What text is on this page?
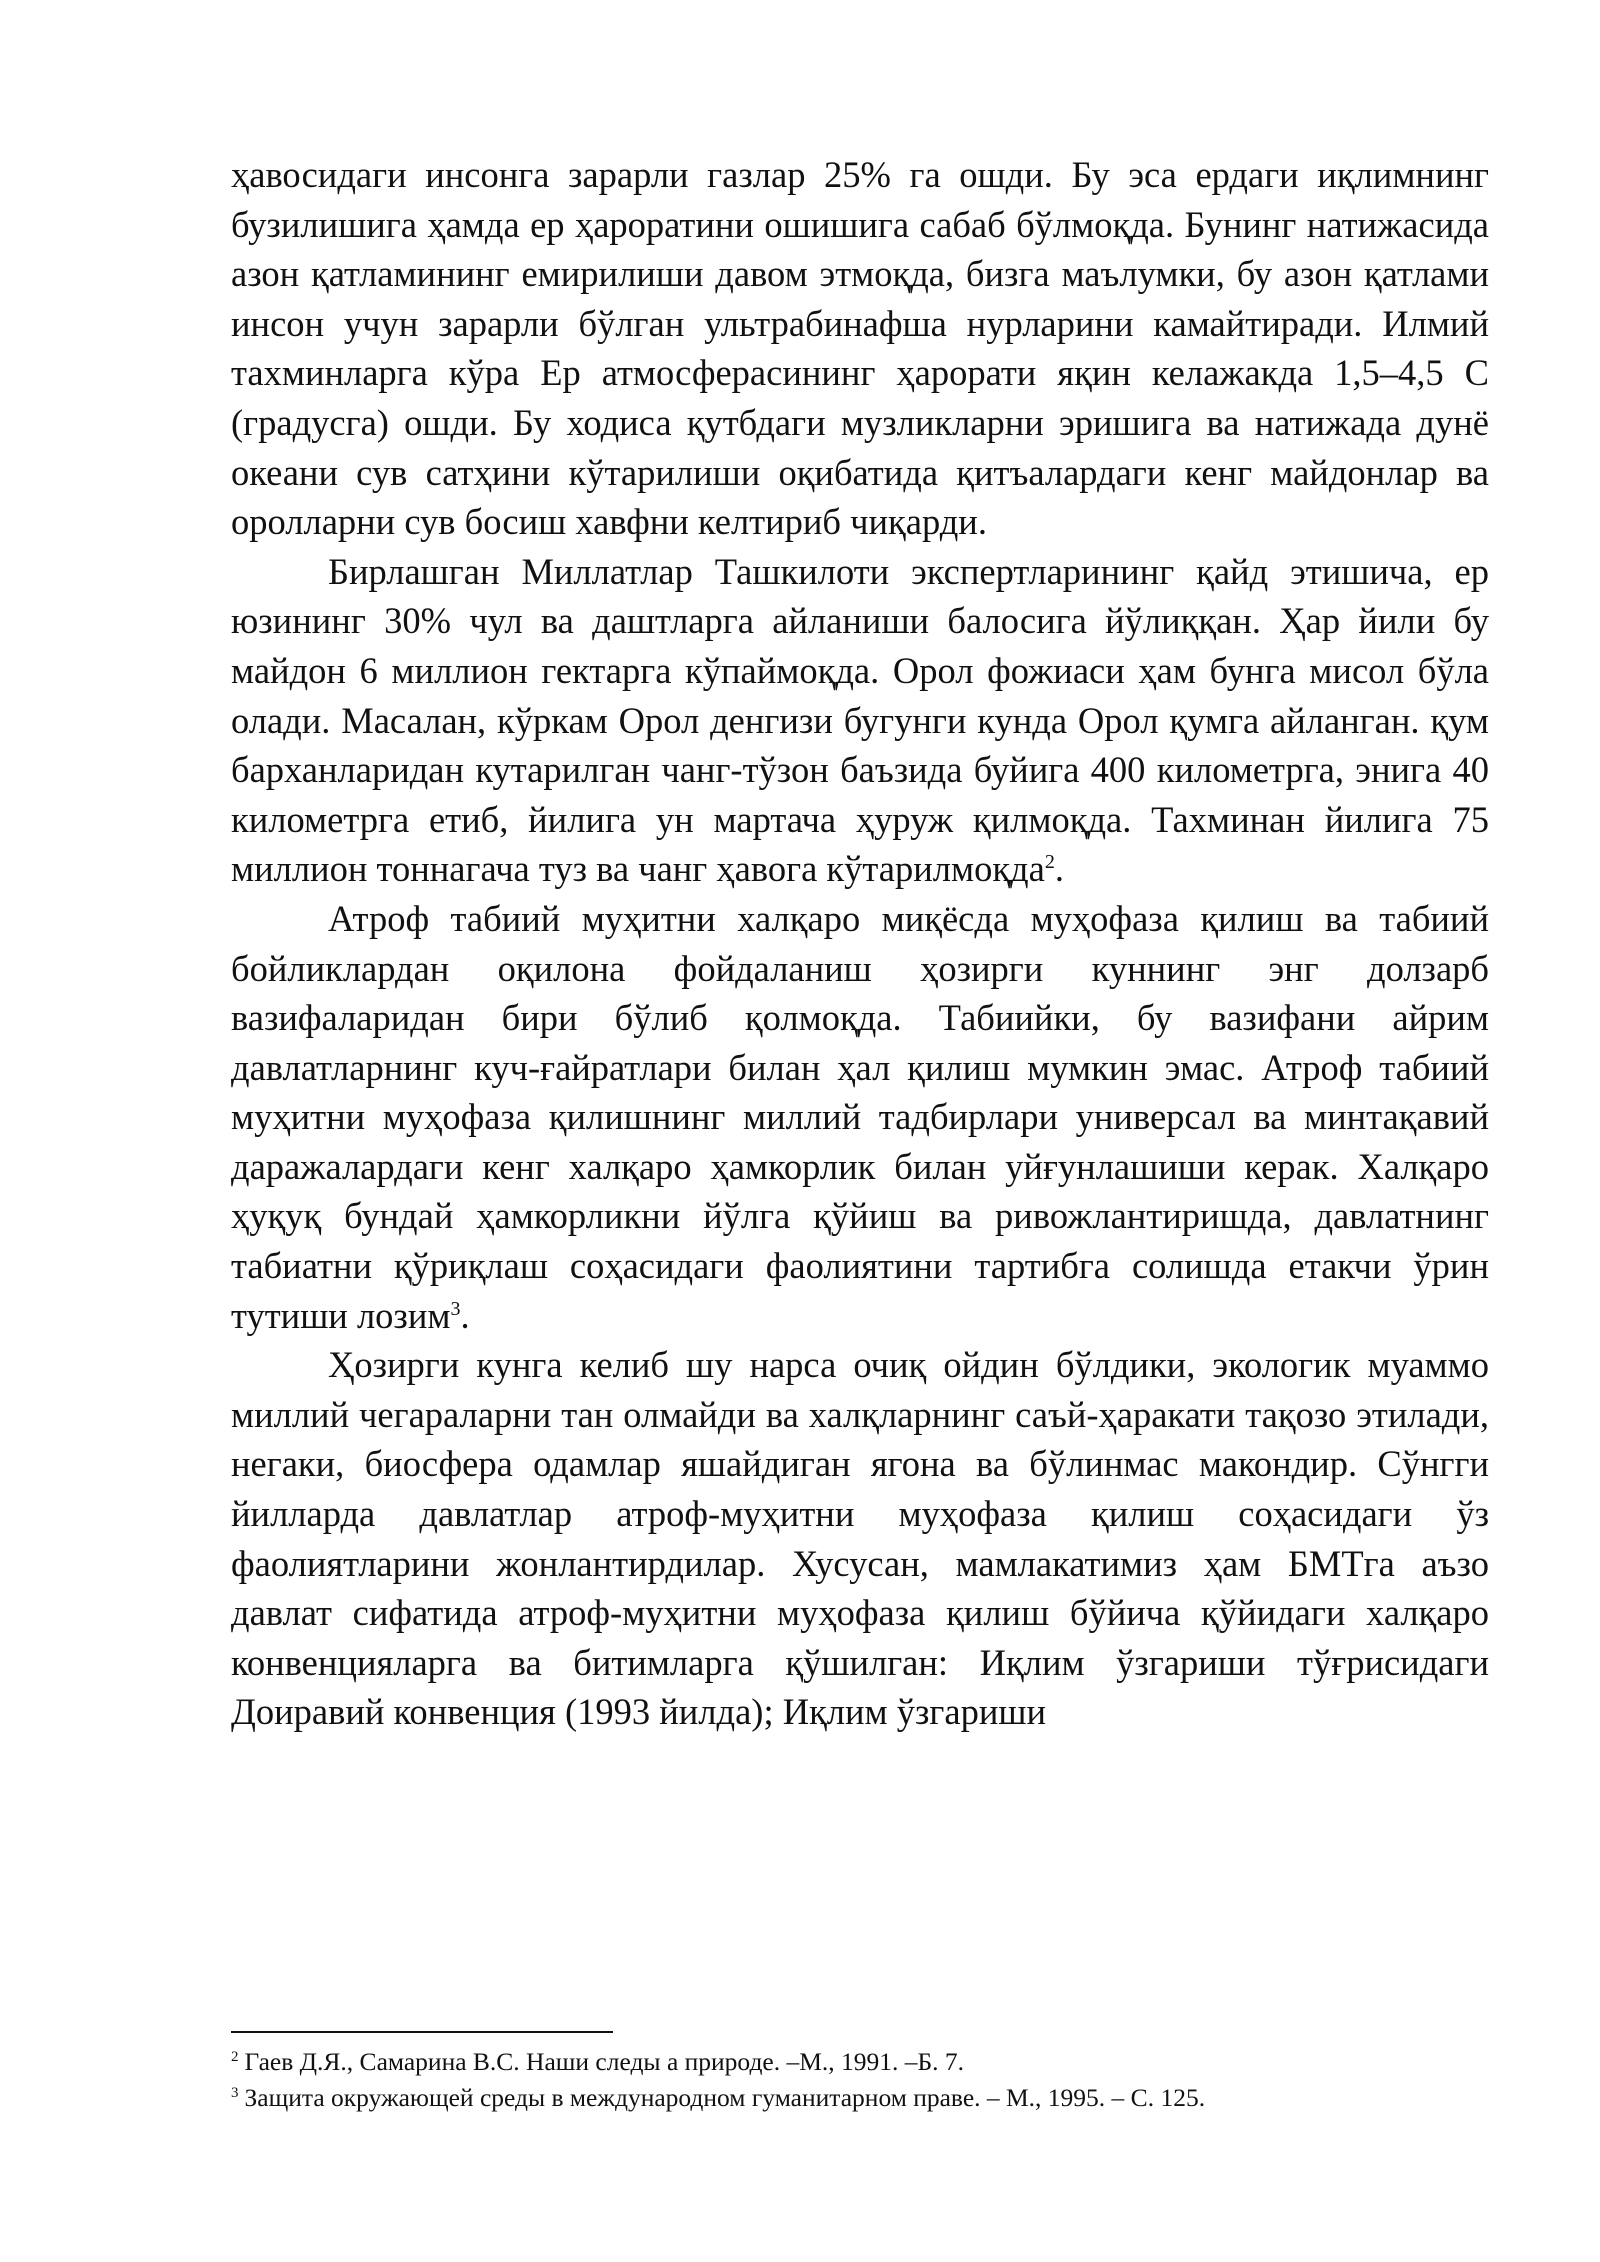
ҳавосидаги инсонга зарарли газлар 25% га ошди. Бу эса ердаги иқлимнинг бузилишига ҳамда ер ҳароратини ошишига сабаб бўлмоқда. Бунинг натижасида азон қатламининг емирилиши давом этмоқда, бизга маълумки, бу азон қатлами инсон учун зарарли бўлган ультрабинафша нурларини камайтиради. Илмий тахминларга кўра Ер атмосферасининг ҳарорати яқин келажакда 1,5–4,5 С (градусга) ошди. Бу ходиса қутбдаги музликларни эришига ва натижада дунё океани сув сатҳини кўтарилиши оқибатида қитъалардаги кенг майдонлар ва оролларни сув босиш хавфни келтириб чиқарди.

Бирлашган Миллатлар Ташкилоти экспертларининг қайд этишича, ер юзининг 30% чул ва даштларга айланиши балосига йўлиққан. Ҳар йили бу майдон 6 миллион гектарга кўпаймоқда. Орол фожиаси ҳам бунга мисол бўла олади. Масалан, кўркам Орол денгизи бугунги кунда Орол қумга айланган. қум барханларидан кутарилган чанг-тўзон баъзида буйига 400 километрга, энига 40 километрга етиб, йилига ун мартача ҳуруж қилмоқда. Тахминан йилига 75 миллион тоннагача туз ва чанг ҳавога кўтарилмоқда$^2$.

Атроф табиий муҳитни халқаро миқёсда муҳофаза қилиш ва табиий бойликлардан оқилона фойдаланиш ҳозирги куннинг энг долзарб вазифаларидан бири бўлиб қолмоқда. Табиийки, бу вазифани айрим давлатларнинг куч-ғайратлари билан ҳал қилиш мумкин эмас. Атроф табиий муҳитни муҳофаза қилишнинг миллий тадбирлари универсал ва минтақавий даражалардаги кенг халқаро ҳамкорлик билан уйғунлашиши керак. Халқаро ҳуқуқ бундай ҳамкорликни йўлга қўйиш ва ривожлантиришда, давлатнинг табиатни қўриқлаш соҳасидаги фаолиятини тартибга солишда етакчи ўрин тутиши лозим$^3$.

Ҳозирги кунга келиб шу нарса очиқ ойдин бўлдики, экологик муаммо миллий чегараларни тан олмайди ва халқларнинг саъй-ҳаракати тақозо этилади, негаки, биосфера одамлар яшайдиган ягона ва бўлинмас макондир. Сўнгги йилларда давлатлар атроф-муҳитни муҳофаза қилиш соҳасидаги ўз фаолиятларини жонлантирдилар. Хусусан, мамлакатимиз ҳам БМТга аъзо давлат сифатида атроф-муҳитни муҳофаза қилиш бўйича қўйидаги халқаро конвенцияларга ва битимларга қўшилган: Иқлим ўзгариши тўғрисидаги Доиравий конвенция (1993 йилда); Иқлим ўзгариши

$^2$ Гаев Д.Я., Самарина В.С. Наши следы а природе. –М., 1991. –Б. 7.

$^3$ Защита окружающей среды в международном гуманитарном праве. – М., 1995. – С. 125.
